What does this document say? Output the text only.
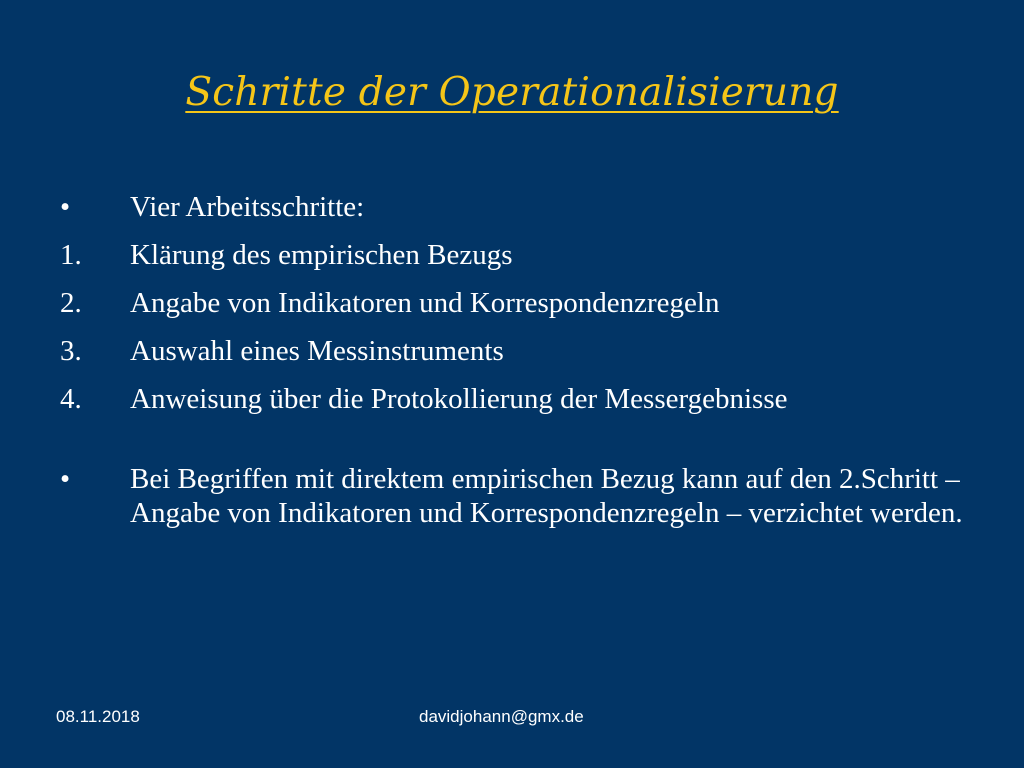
Schritte der Operationalisierung
•	Vier Arbeitsschritte:
1.	Klärung des empirischen Bezugs
2.	Angabe von Indikatoren und Korrespondenzregeln
3.	Auswahl eines Messinstruments
4.	Anweisung über die Protokollierung der Messergebnisse
•	Bei Begriffen mit direktem empirischen Bezug kann auf den 2.Schritt – Angabe von Indikatoren und Korrespondenzregeln – verzichtet werden.
08.11.2018	davidjohann@gmx.de
